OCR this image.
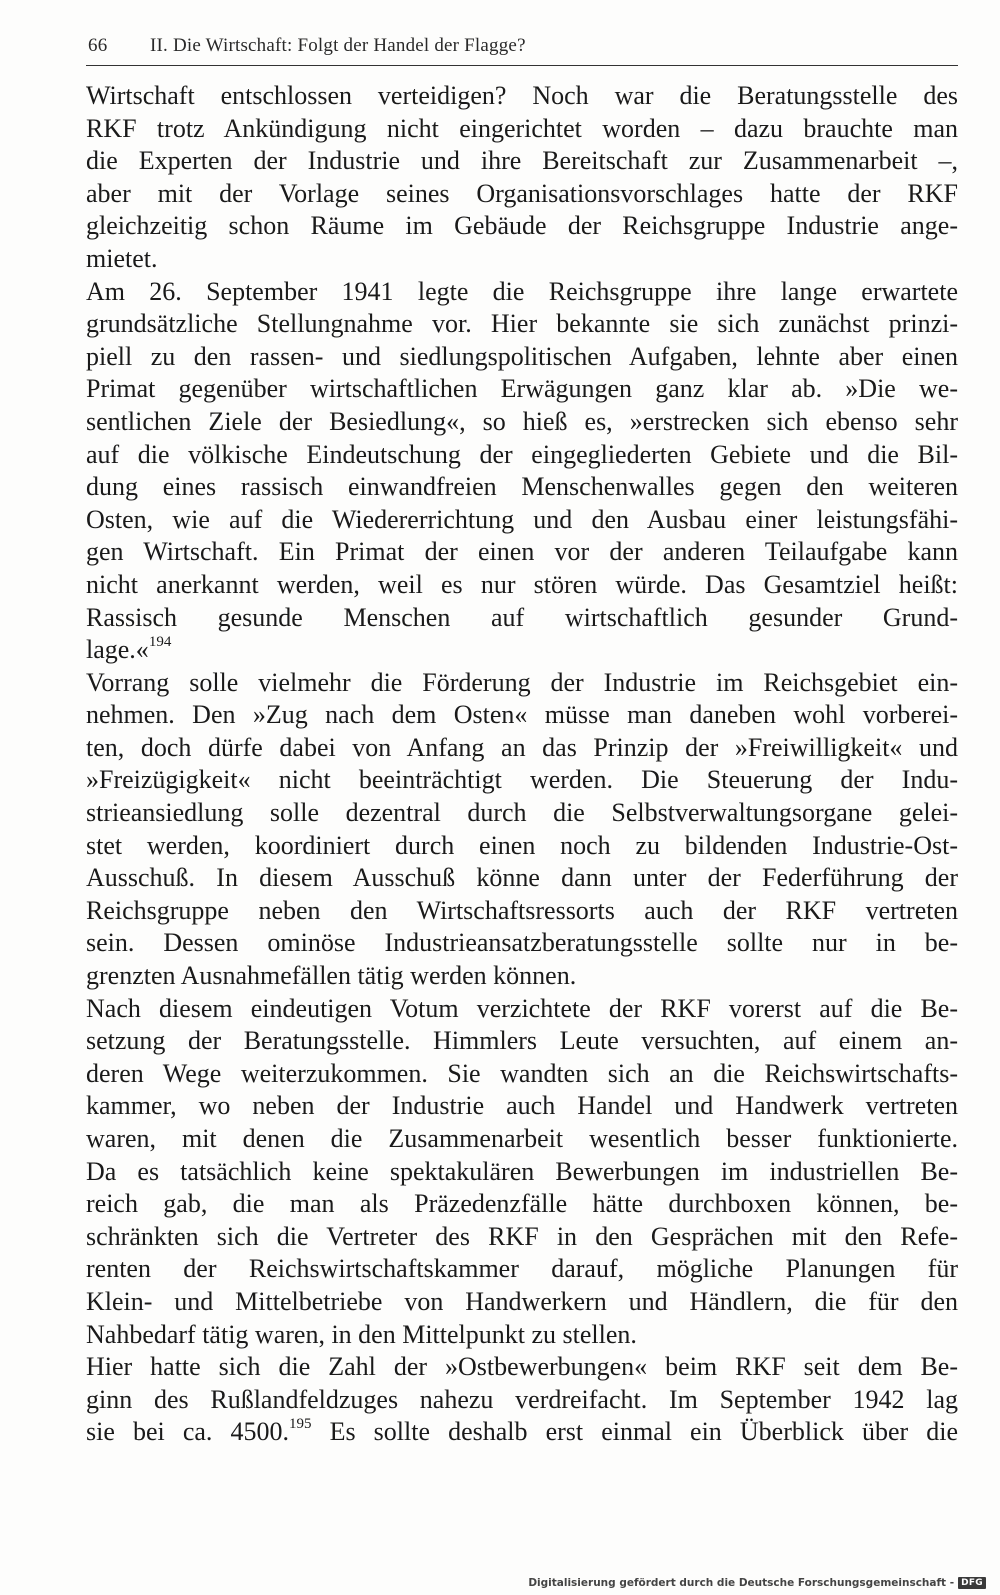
66	II. Die Wirtschaft: Folgt der Handel der Flagge?
Wirtschaft entschlossen verteidigen? Noch war die Beratungsstelle des
RKF trotz Ankündigung nicht eingerichtet worden – dazu brauchte man
die Experten der Industrie und ihre Bereitschaft zur Zusammenarbeit –,
aber mit der Vorlage seines Organisationsvorschlages hatte der RKF
gleichzeitig schon Räume im Gebäude der Reichsgruppe Industrie ange-
mietet.
Am 26. September 1941 legte die Reichsgruppe ihre lange erwartete
grundsätzliche Stellungnahme vor. Hier bekannte sie sich zunächst prinzi-
piell zu den rassen- und siedlungspolitischen Aufgaben, lehnte aber einen
Primat gegenüber wirtschaftlichen Erwägungen ganz klar ab. »Die we-
sentlichen Ziele der Besiedlung«, so hieß es, »erstrecken sich ebenso sehr
auf die völkische Eindeutschung der eingegliederten Gebiete und die Bil-
dung eines rassisch einwandfreien Menschenwalles gegen den weiteren
Osten, wie auf die Wiedererrichtung und den Ausbau einer leistungsfähi-
gen Wirtschaft. Ein Primat der einen vor der anderen Teilaufgabe kann
nicht anerkannt werden, weil es nur stören würde. Das Gesamtziel heißt:
Rassisch gesunde Menschen auf wirtschaftlich gesunder Grund-
lage.«$^{194}$
Vorrang solle vielmehr die Förderung der Industrie im Reichsgebiet ein-
nehmen. Den »Zug nach dem Osten« müsse man daneben wohl vorberei-
ten, doch dürfe dabei von Anfang an das Prinzip der »Freiwilligkeit« und
»Freizügigkeit« nicht beeinträchtigt werden. Die Steuerung der Indu-
strieansiedlung solle dezentral durch die Selbstverwaltungsorgane gelei-
stet werden, koordiniert durch einen noch zu bildenden Industrie-Ost-
Ausschuß. In diesem Ausschuß könne dann unter der Federführung der
Reichsgruppe neben den Wirtschaftsressorts auch der RKF vertreten
sein. Dessen ominöse Industrieansatzberatungsstelle sollte nur in be-
grenzten Ausnahmefällen tätig werden können.
Nach diesem eindeutigen Votum verzichtete der RKF vorerst auf die Be-
setzung der Beratungsstelle. Himmlers Leute versuchten, auf einem an-
deren Wege weiterzukommen. Sie wandten sich an die Reichswirtschafts-
kammer, wo neben der Industrie auch Handel und Handwerk vertreten
waren, mit denen die Zusammenarbeit wesentlich besser funktionierte.
Da es tatsächlich keine spektakulären Bewerbungen im industriellen Be-
reich gab, die man als Präzedenzfälle hätte durchboxen können, be-
schränkten sich die Vertreter des RKF in den Gesprächen mit den Refe-
renten der Reichswirtschaftskammer darauf, mögliche Planungen für
Klein- und Mittelbetriebe von Handwerkern und Händlern, die für den
Nahbedarf tätig waren, in den Mittelpunkt zu stellen.
Hier hatte sich die Zahl der »Ostbewerbungen« beim RKF seit dem Be-
ginn des Rußlandfeldzuges nahezu verdreifacht. Im September 1942 lag
sie bei ca. 4500.$^{195}$ Es sollte deshalb erst einmal ein Überblick über die
Digitalisierung gefördert durch die Deutsche Forschungsgemeinschaft - DFG
